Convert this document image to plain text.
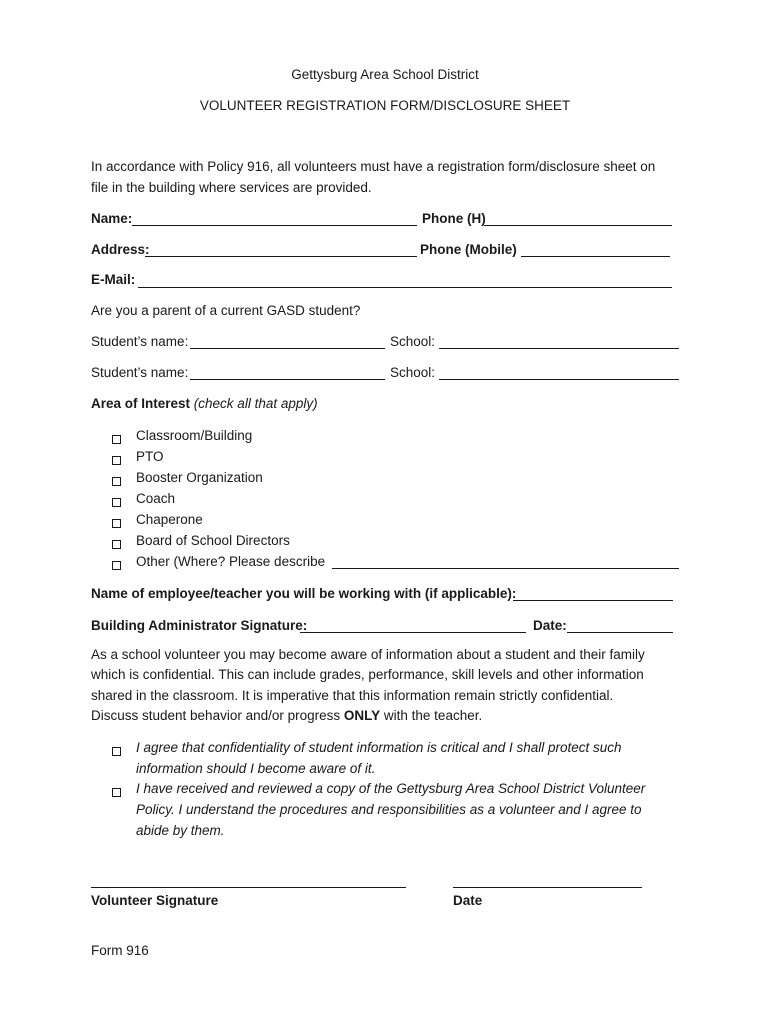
Gettysburg Area School District
VOLUNTEER REGISTRATION FORM/DISCLOSURE SHEET
In accordance with Policy 916, all volunteers must have a registration form/disclosure sheet on
file in the building where services are provided.
Name:	Phone (H)
Address:	Phone (Mobile)
E-Mail:
Are you a parent of a current GASD student?
Student’s name:	School:
Student’s name:	School:
Area of Interest (check all that apply)
Classroom/Building
PTO
Booster Organization
Coach
Chaperone
Board of School Directors
Other (Where? Please describe
Name of employee/teacher you will be working with (if applicable):
Building Administrator Signature:	Date:
As a school volunteer you may become aware of information about a student and their family
which is confidential. This can include grades, performance, skill levels and other information
shared in the classroom. It is imperative that this information remain strictly confidential.
Discuss student behavior and/or progress ONLY with the teacher.
I agree that confidentiality of student information is critical and I shall protect such
information should I become aware of it.
I have received and reviewed a copy of the Gettysburg Area School District Volunteer
Policy. I understand the procedures and responsibilities as a volunteer and I agree to
abide by them.
Volunteer Signature	Date
Form 916
